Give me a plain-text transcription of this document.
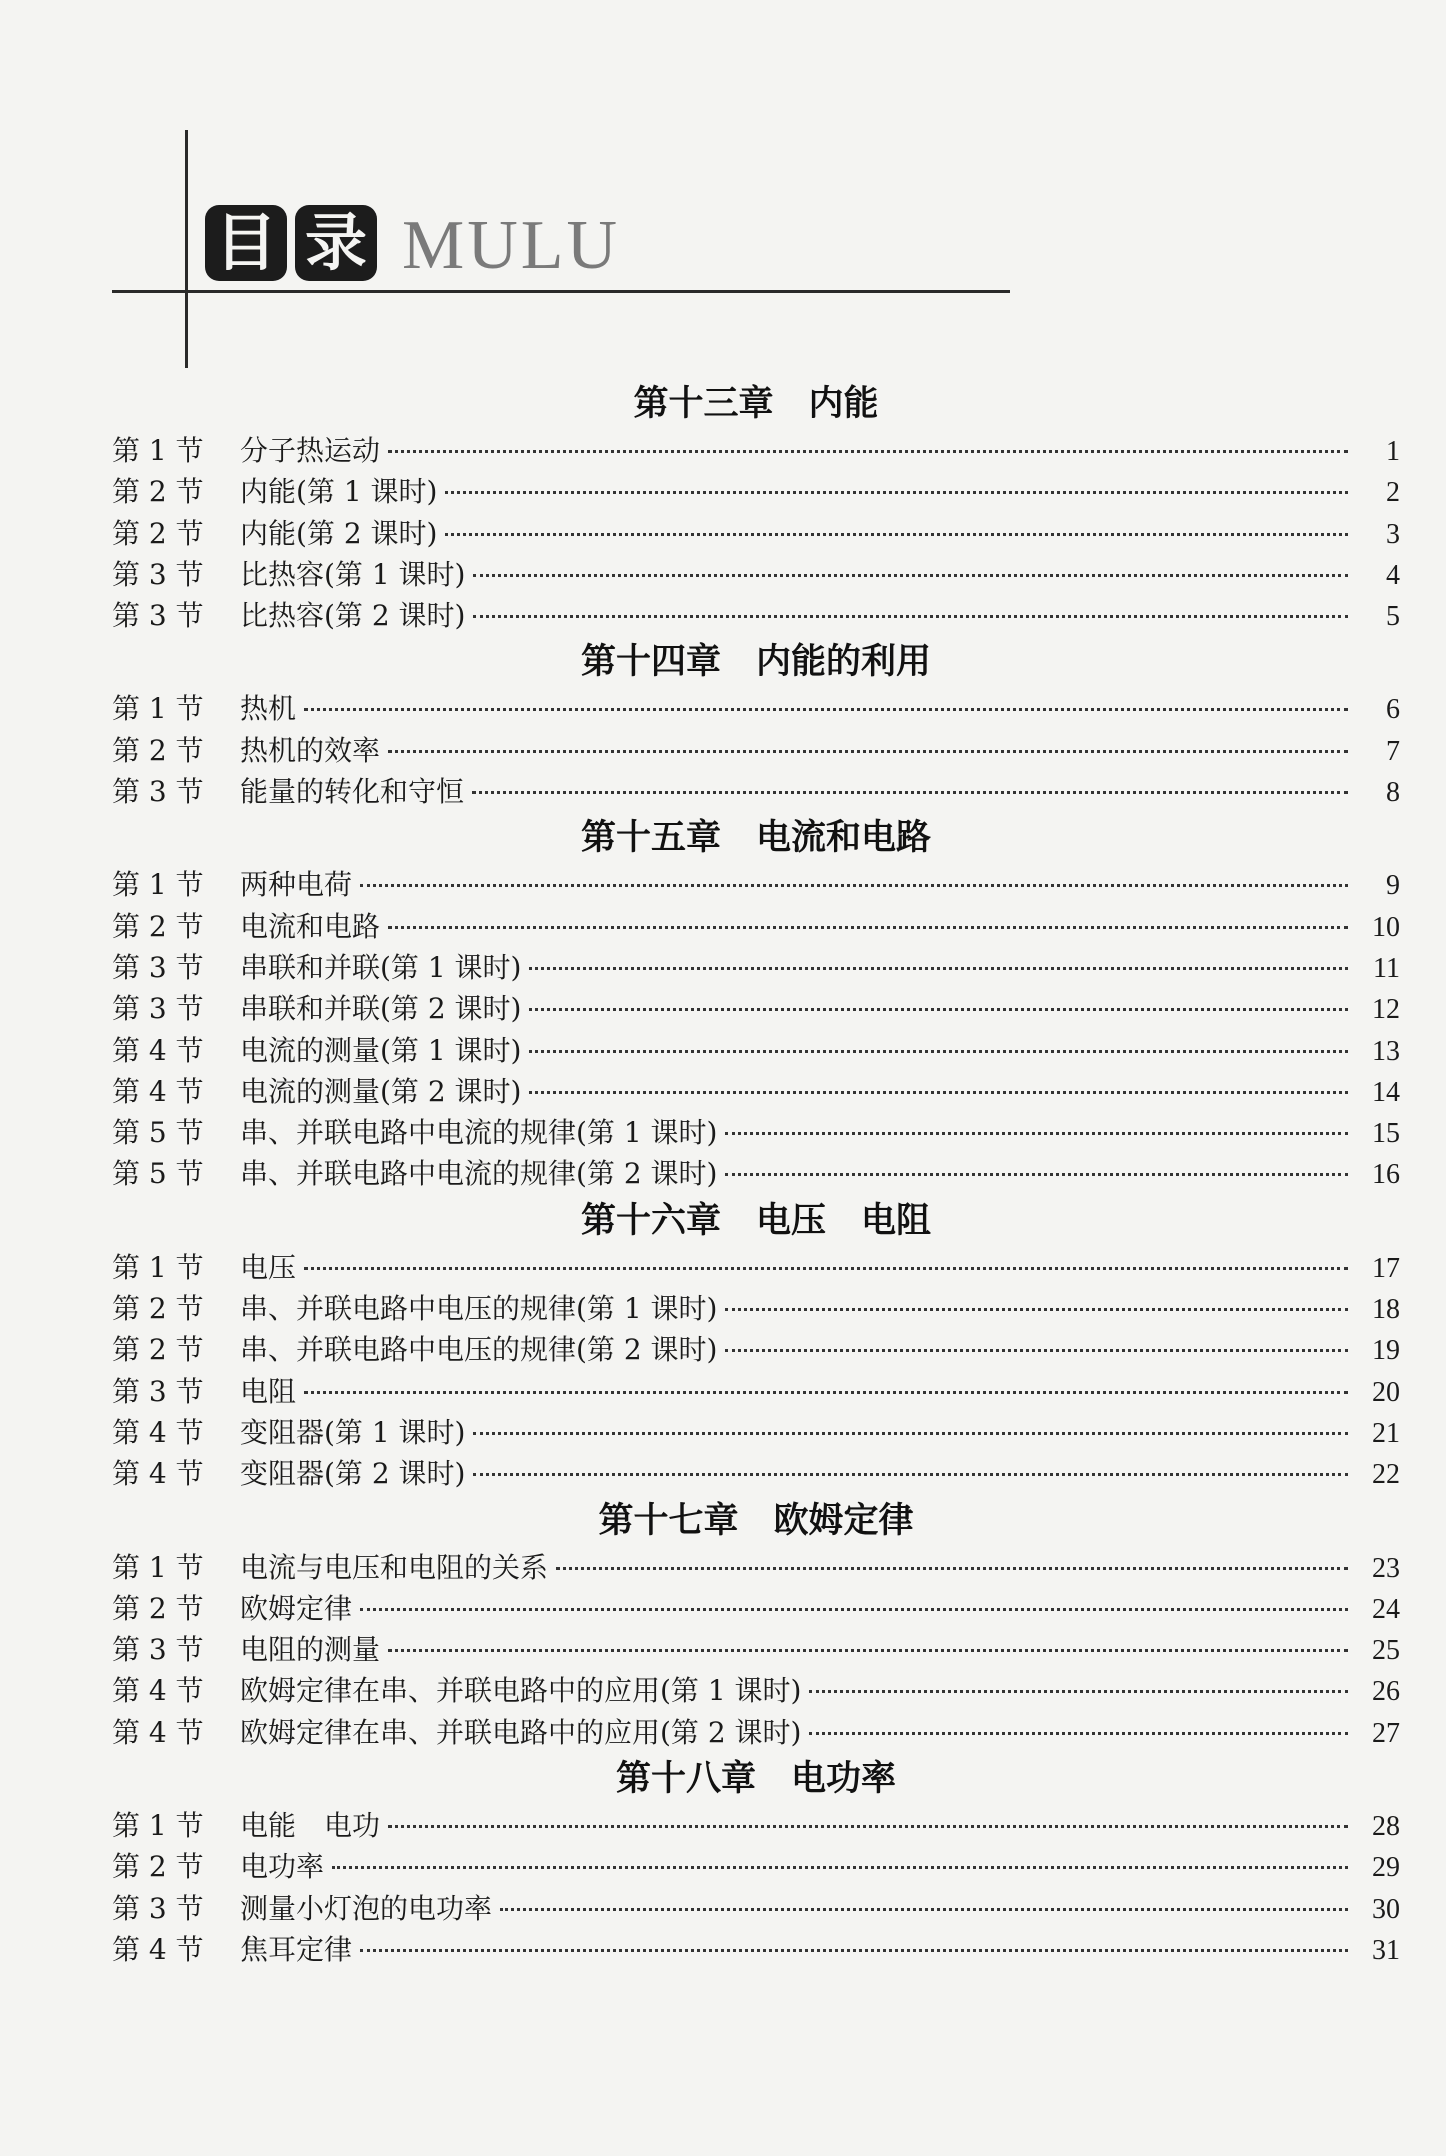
目 录 MULU
第十三章　内能
第 1 节	分子热运动	1
第 2 节	内能(第 1 课时)	2
第 2 节	内能(第 2 课时)	3
第 3 节	比热容(第 1 课时)	4
第 3 节	比热容(第 2 课时)	5
第十四章　内能的利用
第 1 节	热机	6
第 2 节	热机的效率	7
第 3 节	能量的转化和守恒	8
第十五章　电流和电路
第 1 节	两种电荷	9
第 2 节	电流和电路	10
第 3 节	串联和并联(第 1 课时)	11
第 3 节	串联和并联(第 2 课时)	12
第 4 节	电流的测量(第 1 课时)	13
第 4 节	电流的测量(第 2 课时)	14
第 5 节	串、并联电路中电流的规律(第 1 课时)	15
第 5 节	串、并联电路中电流的规律(第 2 课时)	16
第十六章　电压　电阻
第 1 节	电压	17
第 2 节	串、并联电路中电压的规律(第 1 课时)	18
第 2 节	串、并联电路中电压的规律(第 2 课时)	19
第 3 节	电阻	20
第 4 节	变阻器(第 1 课时)	21
第 4 节	变阻器(第 2 课时)	22
第十七章　欧姆定律
第 1 节	电流与电压和电阻的关系	23
第 2 节	欧姆定律	24
第 3 节	电阻的测量	25
第 4 节	欧姆定律在串、并联电路中的应用(第 1 课时)	26
第 4 节	欧姆定律在串、并联电路中的应用(第 2 课时)	27
第十八章　电功率
第 1 节	电能　电功	28
第 2 节	电功率	29
第 3 节	测量小灯泡的电功率	30
第 4 节	焦耳定律	31
